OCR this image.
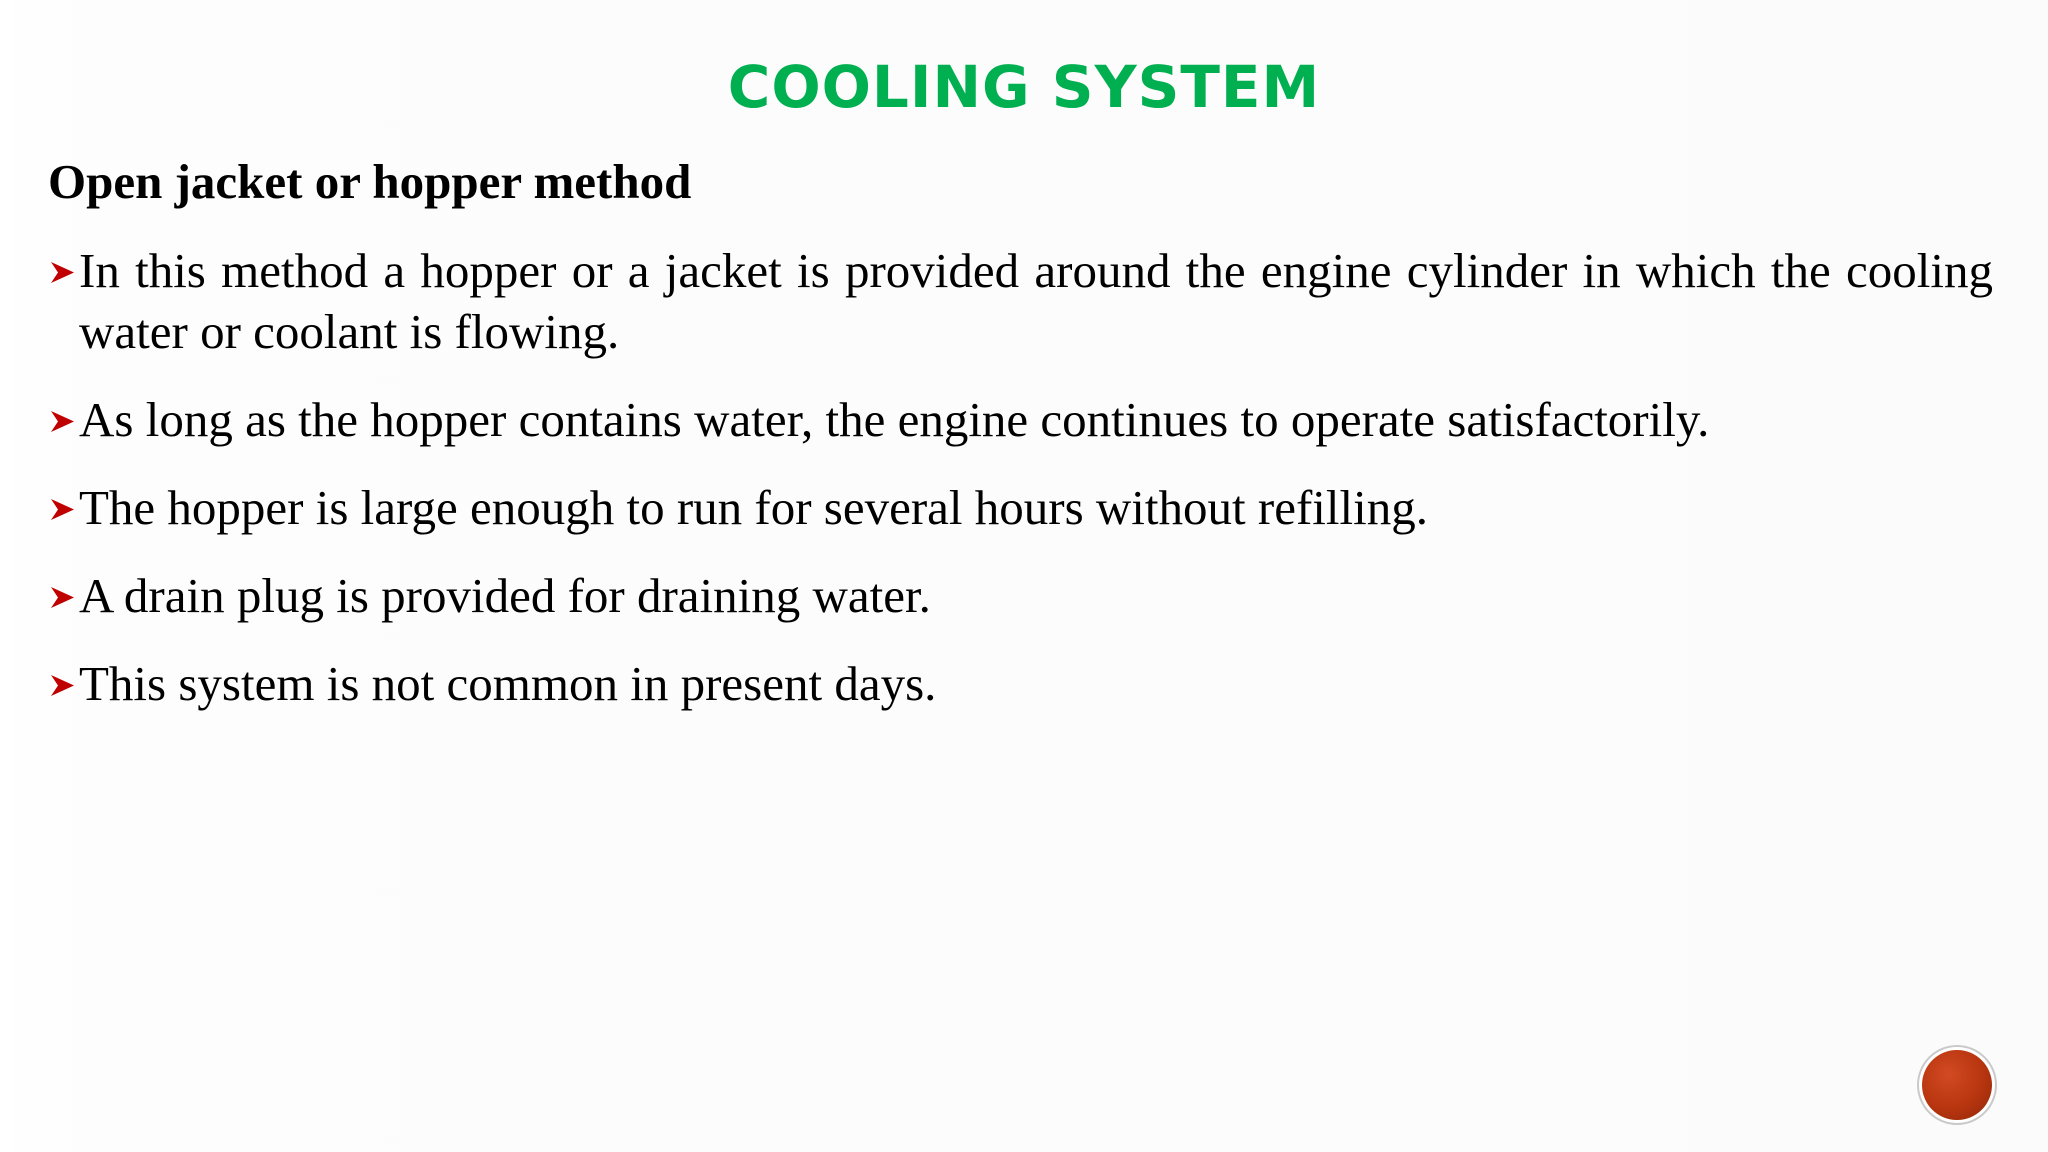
COOLING SYSTEM
Open jacket or hopper method
In this method a hopper or a jacket is provided around the engine cylinder in which the cooling water or coolant is flowing.
As long as the hopper contains water, the engine continues to operate satisfactorily.
The hopper is large enough to run for several hours without refilling.
A drain plug is provided for draining water.
This system is not common in present days.
